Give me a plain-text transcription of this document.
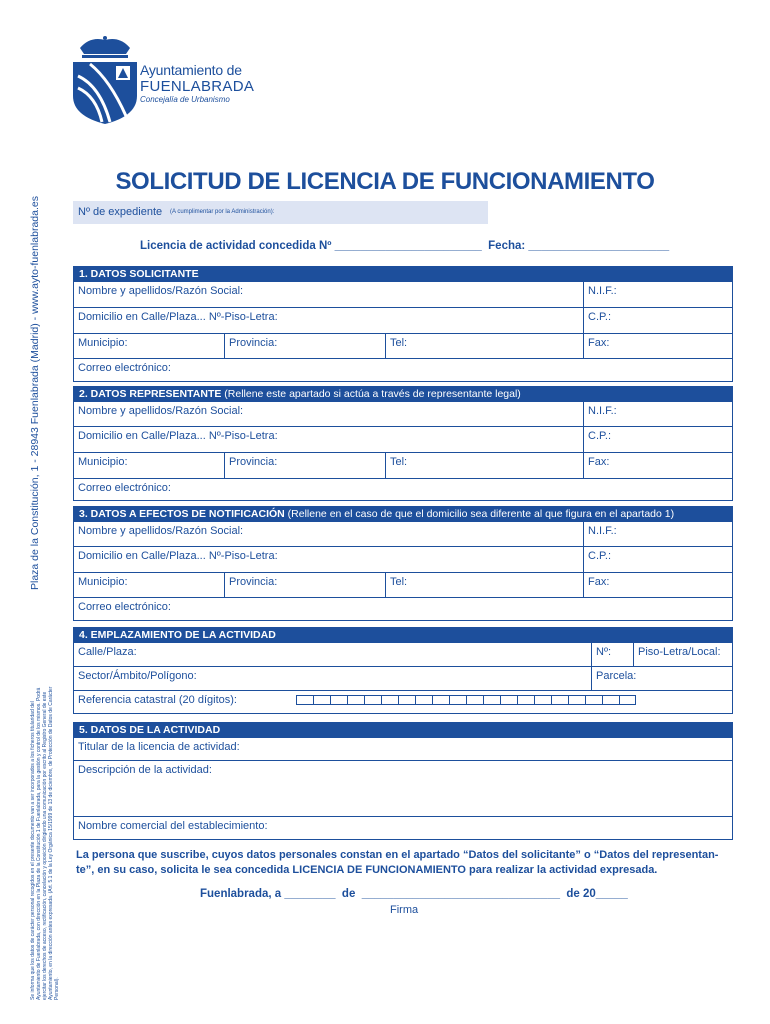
Ayuntamiento de
FUENLABRADA
Concejalía de Urbanismo
SOLICITUD DE LICENCIA DE FUNCIONAMIENTO
Nº de expediente (A cumplimentar por la Administración):
Licencia de actividad concedida Nº _______________________  Fecha: ______________________
Plaza de la Constitución, 1 - 28943 Fuenlabrada (Madrid) - www.ayto-fuenlabrada.es
Se informa que los datos de carácter personal recogidos en el presente documento van a ser incorporados a los ficheros titularidad del Ayuntamiento de Fuenlabrada, con dirección en la Plaza de la Constitución 1 de Fuenlabrada, para la gestión y control de los mismos. Podrá ejercitar los derechos de acceso, rectificación, cancelación y oposición dirigiendo una comunicación por escrito al Registro General de este Ayuntamiento, en la dirección antes expresada. (Art. 5.1 de la Ley Orgánica 15/1999 de 13 de diciembre, de Protección de Datos de Carácter Personal).
1. DATOS SOLICITANTE
Nombre y apellidos/Razón Social:	N.I.F.:
Domicilio en Calle/Plaza... Nº-Piso-Letra:	C.P.:
Municipio:	Provincia:	Tel:	Fax:
Correo electrónico:
2. DATOS REPRESENTANTE (Rellene este apartado si actúa a través de representante legal)
Nombre y apellidos/Razón Social:	N.I.F.:
Domicilio en Calle/Plaza... Nº-Piso-Letra:	C.P.:
Municipio:	Provincia:	Tel:	Fax:
Correo electrónico:
3. DATOS A EFECTOS DE NOTIFICACIÓN (Rellene en el caso de que el domicilio sea diferente al que figura en el apartado 1)
Nombre y apellidos/Razón Social:	N.I.F.:
Domicilio en Calle/Plaza... Nº-Piso-Letra:	C.P.:
Municipio:	Provincia:	Tel:	Fax:
Correo electrónico:
4. EMPLAZAMIENTO DE LA ACTIVIDAD
Calle/Plaza:	Nº:	Piso-Letra/Local:
Sector/Ámbito/Polígono:	Parcela:
Referencia catastral (20 dígitos):
5. DATOS DE LA ACTIVIDAD
Titular de la licencia de actividad:
Descripción de la actividad:
Nombre comercial del establecimiento:
La persona que suscribe, cuyos datos personales constan en el apartado “Datos del solicitante” o “Datos del representan- te”, en su caso, solicita le sea concedida LICENCIA DE FUNCIONAMIENTO para realizar la actividad expresada.
Fuenlabrada, a ________  de  _______________________________  de 20_____
Firma
